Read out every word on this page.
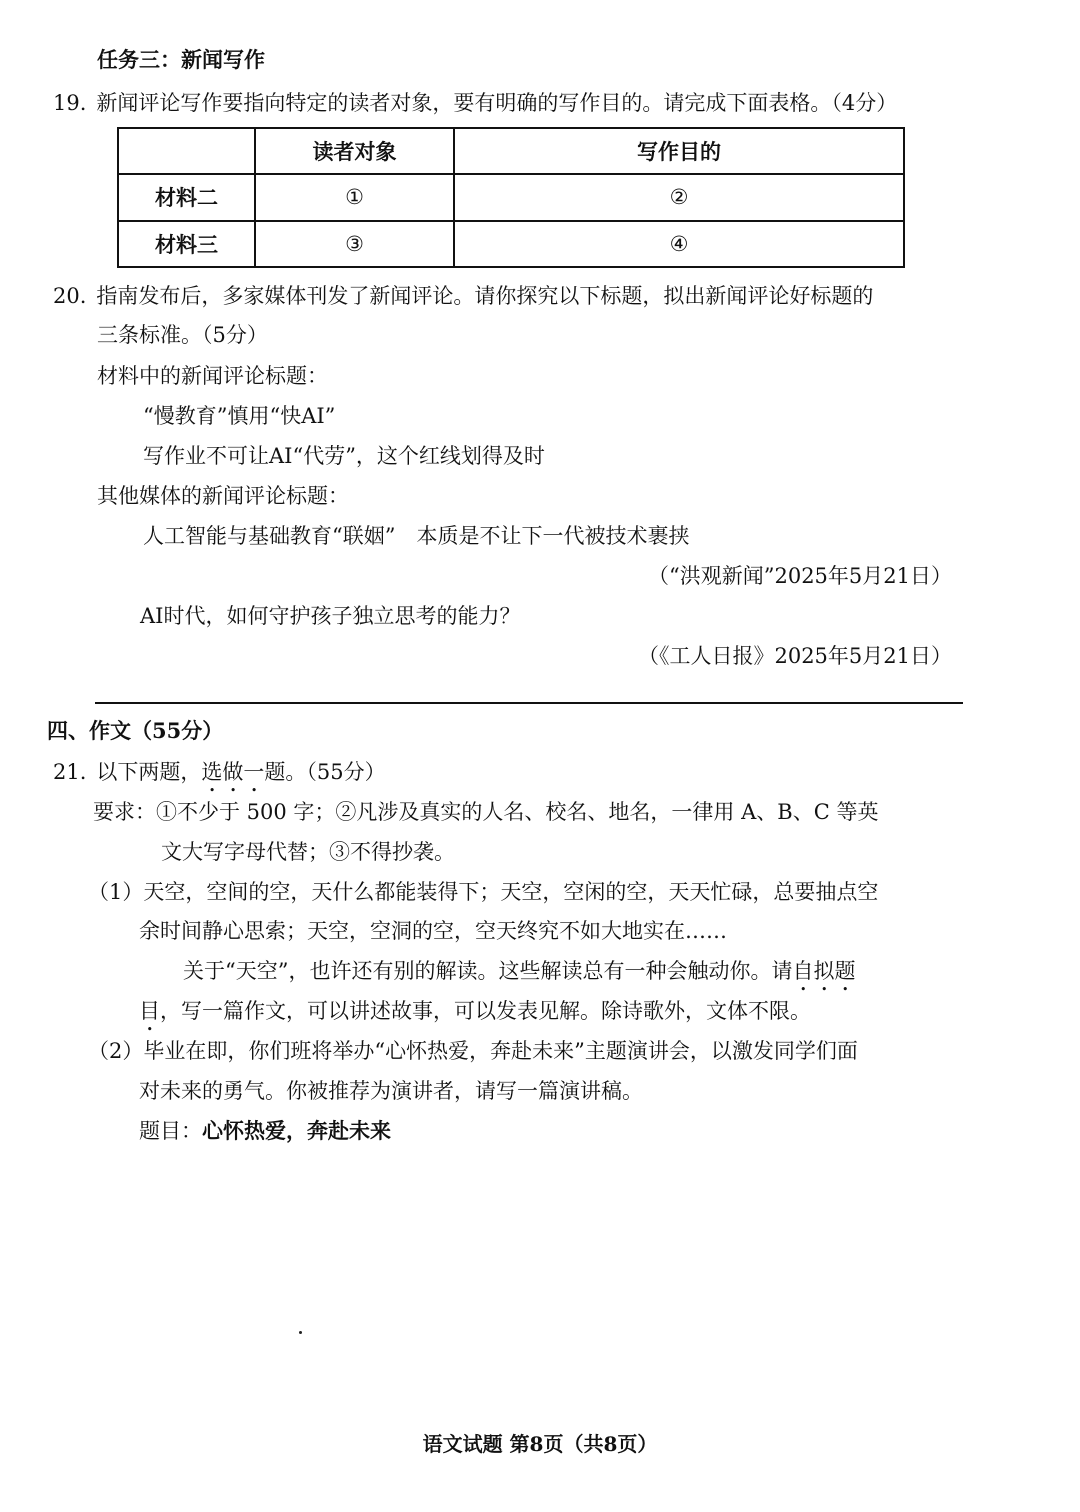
任务三：新闻写作
19. 新闻评论写作要指向特定的读者对象，要有明确的写作目的。请完成下面表格。（4分）
	读者对象	写作目的
材料二	①	②
材料三	③	④
20. 指南发布后，多家媒体刊发了新闻评论。请你探究以下标题，拟出新闻评论好标题的
三条标准。（5分）
材料中的新闻评论标题：
“慢教育”慎用“快AI”
写作业不可让AI“代劳”，这个红线划得及时
其他媒体的新闻评论标题：
人工智能与基础教育“联姻”　本质是不让下一代被技术裹挟
（“洪观新闻”2025年5月21日）
AI时代，如何守护孩子独立思考的能力？
（《工人日报》2025年5月21日）
四、作文（55分）
21. 以下两题，选做一题。（55分）
要求：①不少于 500 字；②凡涉及真实的人名、校名、地名，一律用 A、B、C 等英
文大写字母代替；③不得抄袭。
（1）天空，空间的空，天什么都能装得下；天空，空闲的空，天天忙碌，总要抽点空
余时间静心思索；天空，空洞的空，空天终究不如大地实在……
关于“天空”，也许还有别的解读。这些解读总有一种会触动你。请自拟题
目，写一篇作文，可以讲述故事，可以发表见解。除诗歌外，文体不限。
（2）毕业在即，你们班将举办“心怀热爱，奔赴未来”主题演讲会，以激发同学们面
对未来的勇气。你被推荐为演讲者，请写一篇演讲稿。
题目：心怀热爱，奔赴未来
语文试题 第8页（共8页）
